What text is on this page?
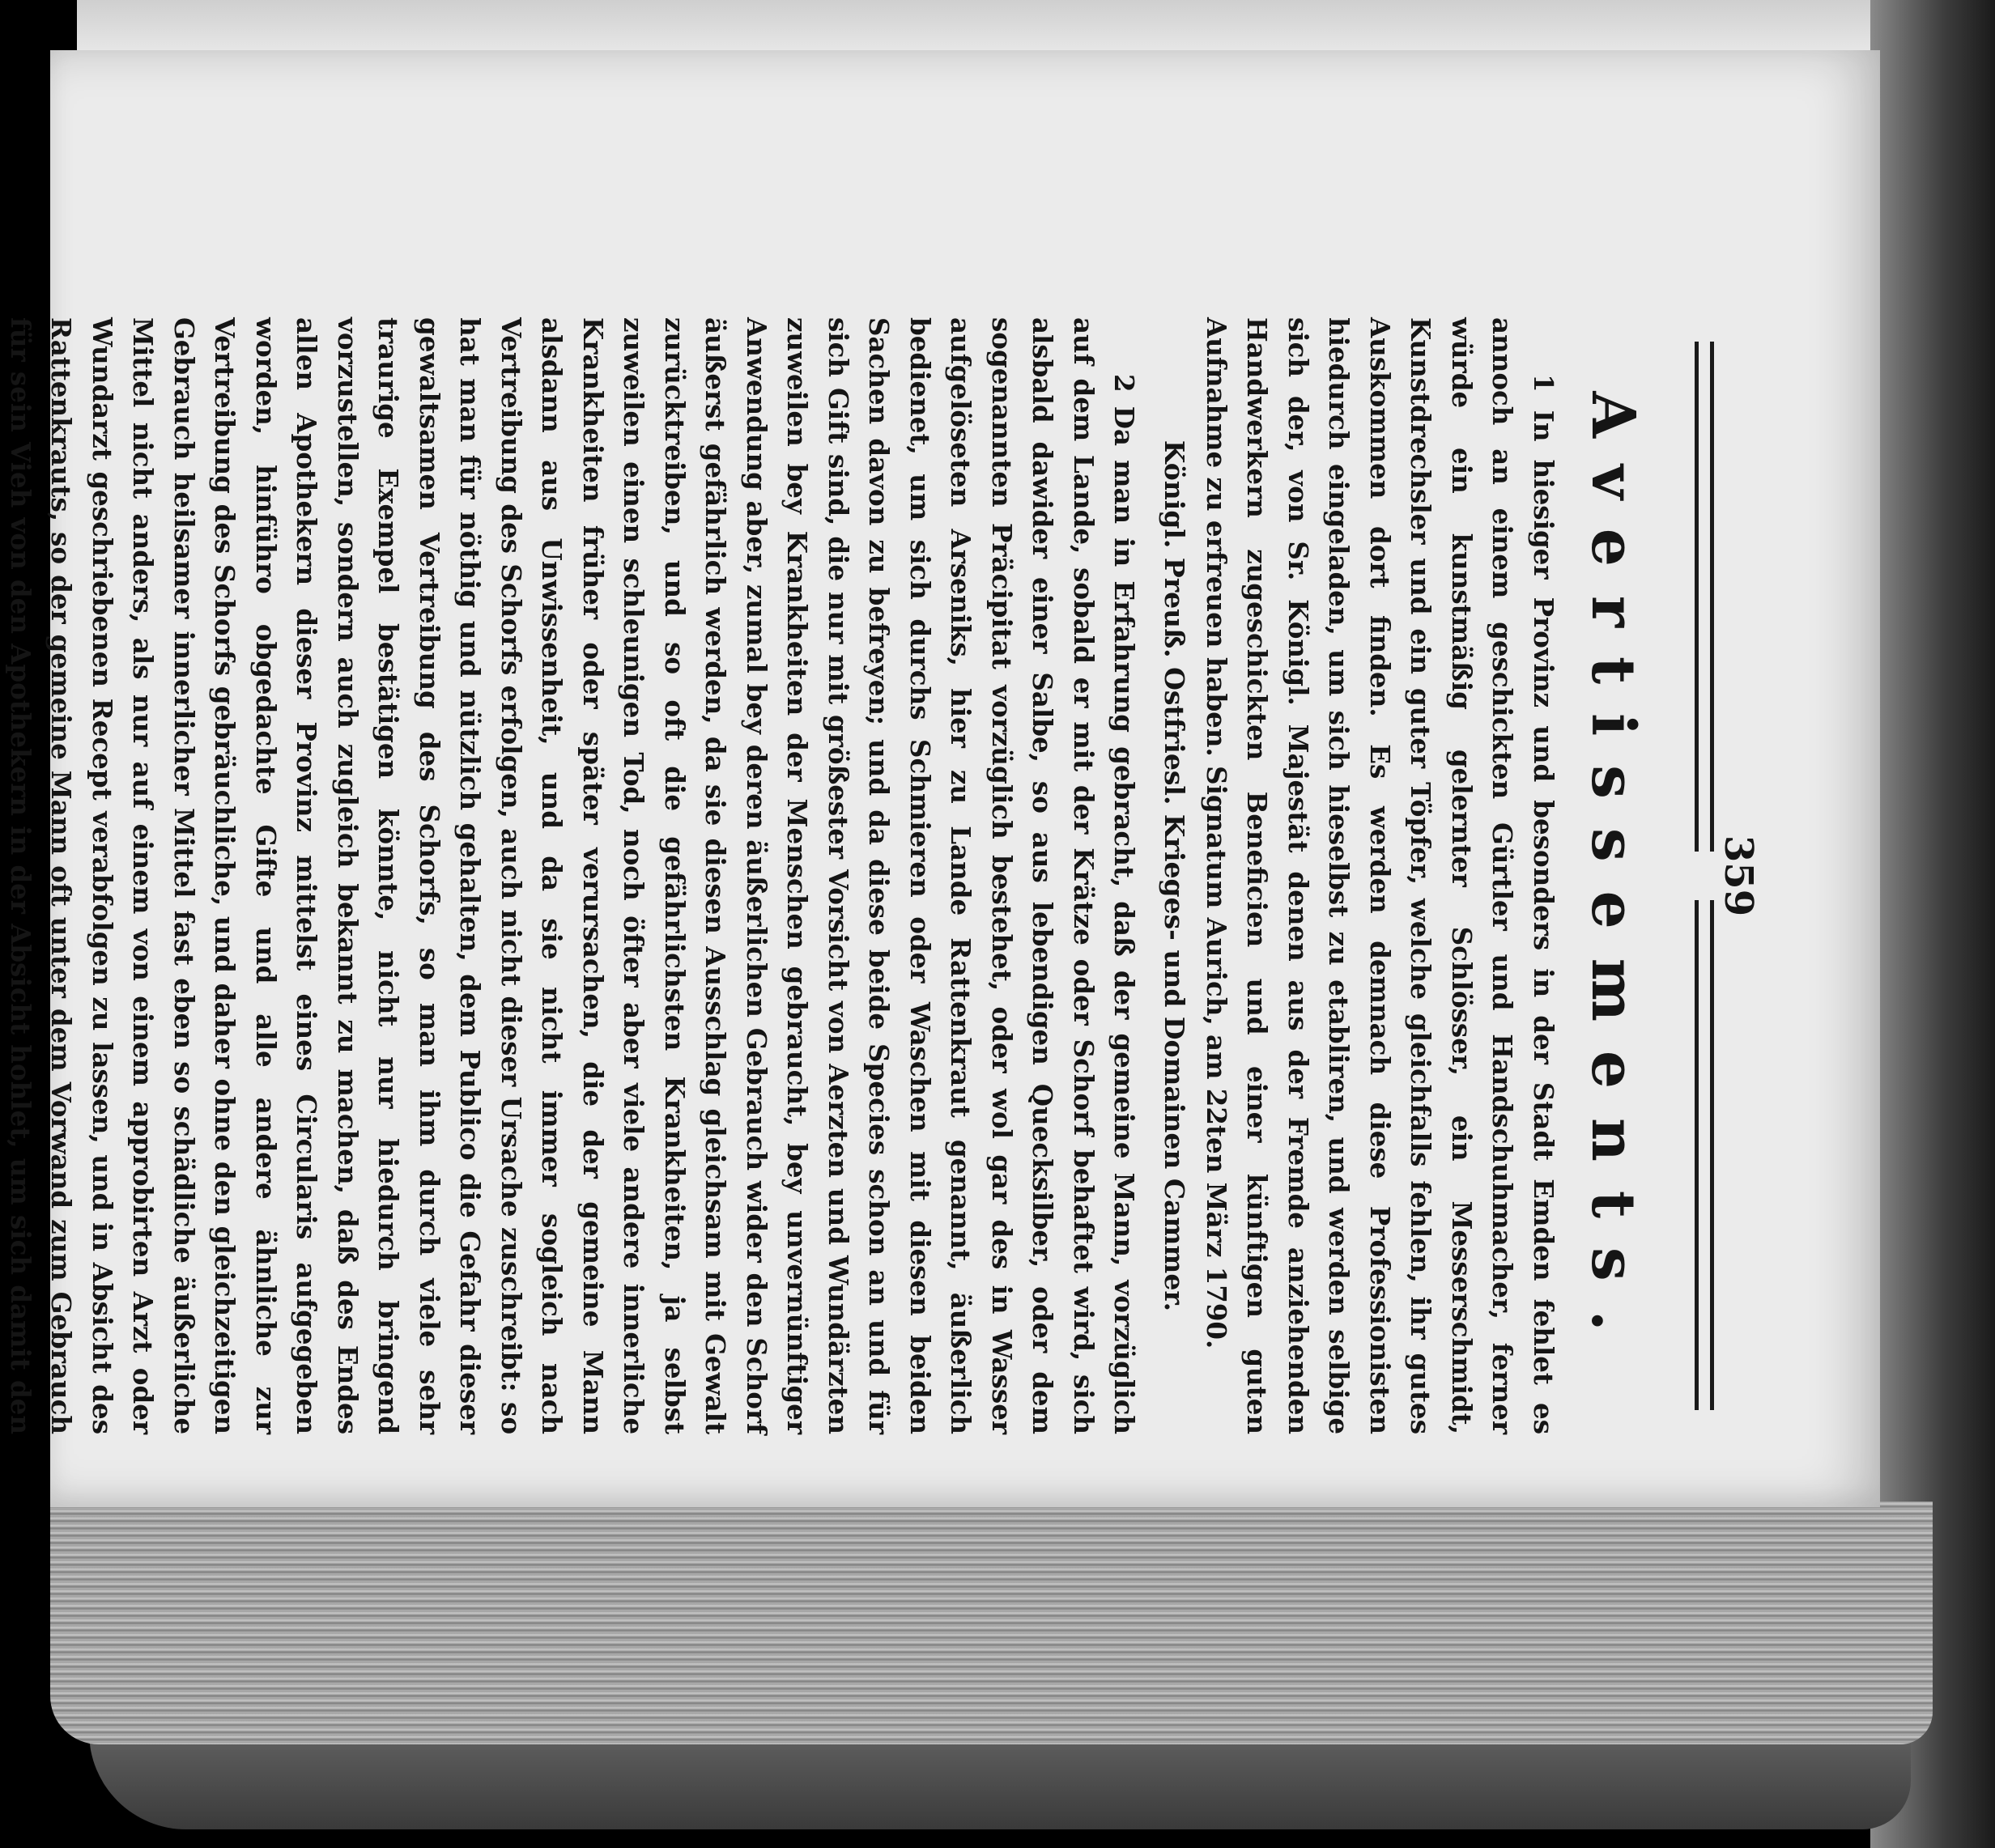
359
Avertissements.

1 In hiesiger Provinz und besonders in der Stadt Emden fehlet es annoch an einem geschickten Gürtler und Handschuhmacher, ferner würde ein kunstmäßig gelernter Schlösser, ein Messerschmidt, Kunstdrechsler und ein guter Töpfer, welche gleichfalls fehlen, ihr gutes Auskommen dort finden. Es werden demnach diese Professionisten hiedurch eingeladen, um sich hieselbst zu etabliren, und werden selbige sich der, von Sr. Königl. Majestät denen aus der Fremde anziehenden Handwerkern zugeschickten Beneficien und einer künftigen guten Aufnahme zu erfreuen haben. Signatum Aurich, am 22ten März 1790.

Königl. Preuß. Ostfriesl. Krieges- und Domainen Cammer.

2 Da man in Erfahrung gebracht, daß der gemeine Mann, vorzüglich auf dem Lande, sobald er mit der Krätze oder Schorf behaftet wird, sich alsbald dawider einer Salbe, so aus lebendigen Quecksilber, oder dem sogenannten Präcipitat vorzüglich bestehet, oder wol gar des in Wasser aufgelöseten Arseniks, hier zu Lande Rattenkraut genannt, äußerlich bedienet, um sich durchs Schmieren oder Waschen mit diesen beiden Sachen davon zu befreyen; und da diese beide Species schon an und für sich Gift sind, die nur mit größester Vorsicht von Aerzten und Wundärzten zuweilen bey Krankheiten der Menschen gebraucht, bey unvernünftiger Anwendung aber, zumal bey deren äußerlichen Gebrauch wider den Schorf äußerst gefährlich werden, da sie diesen Ausschlag gleichsam mit Gewalt zurücktreiben, und so oft die gefährlichsten Krankheiten, ja selbst zuweilen einen schleunigen Tod, noch öfter aber viele andere innerliche Krankheiten früher oder später verursachen, die der gemeine Mann alsdann aus Unwissenheit, und da sie nicht immer sogleich nach Vertreibung des Schorfs erfolgen, auch nicht dieser Ursache zuschreibt: so hat man für nöthig und nützlich gehalten, dem Publico die Gefahr dieser gewaltsamen Vertreibung des Schorfs, so man ihm durch viele sehr traurige Exempel bestätigen könnte, nicht nur hiedurch bringend vorzustellen, sondern auch zugleich bekannt zu machen, daß des Endes allen Apothekern dieser Provinz mittelst eines Circularis aufgegeben worden, hinführo obgedachte Gifte und alle andere ähnliche zur Vertreibung des Schorfs gebräuchliche, und daher ohne den gleichzeitigen Gebrauch heilsamer innerlicher Mittel fast eben so schädliche äußerliche Mittel nicht anders, als nur auf einem von einem approbirten Arzt oder Wundarzt geschriebenen Recept verabfolgen zu lassen, und in Absicht des Rattenkrauts, so der gemeine Mann oft unter dem Vorwand zum Gebrauch für sein Vieh von den Apothekern in der Absicht hohlet, um sich damit den
